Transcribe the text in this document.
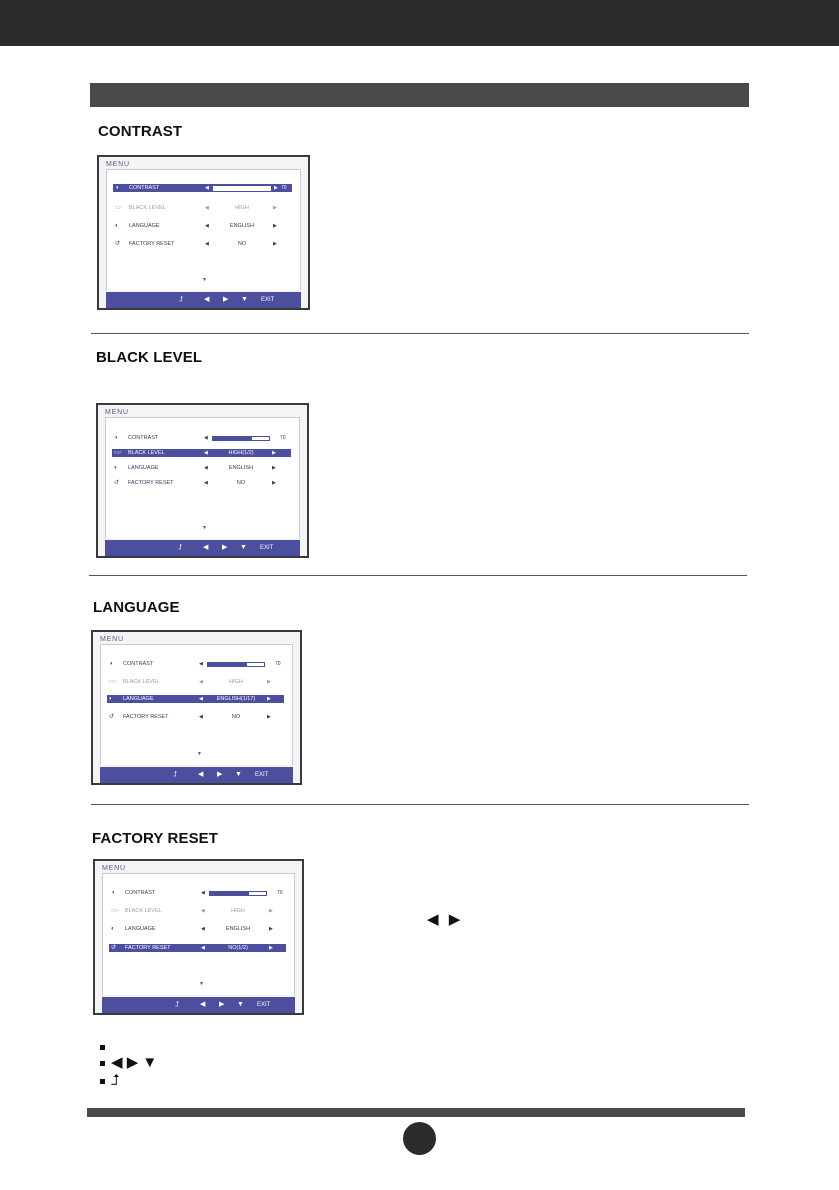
CONTRAST
MENU
◑ CONTRAST	◀	▶ 70
▭◦ BLACK LEVEL	◀	HIGH	▶
◐ LANGUAGE	◀	ENGLISH	▶
↺ FACTORY RESET	◀	NO	▶
▼
⮥	◀ ▶ ▼ EXIT
BLACK LEVEL
MENU
◑ CONTRAST	◀	70
▭◦ BLACK LEVEL	◀	HIGH(1/2)	▶
◐ LANGUAGE	◀	ENGLISH	▶
↺ FACTORY RESET	◀	NO	▶
▼
⮥	◀ ▶ ▼ EXIT
LANGUAGE
MENU
◑ CONTRAST	◀	70
▭◦ BLACK LEVEL	◀	HIGH	▶
◐ LANGUAGE	◀	ENGLISH(1/17)	▶
↺ FACTORY RESET	◀	NO	▶
▼
⮥	◀ ▶ ▼ EXIT
FACTORY RESET
MENU
◑ CONTRAST	◀	70
▭◦ BLACK LEVEL	◀	HIGH	▶
◐ LANGUAGE	◀	ENGLISH	▶
↺ FACTORY RESET	◀	NO(1/2)	▶
▼
⮥	◀ ▶ ▼ EXIT
◀ ▶
◀ ▶ ▼
⮥
